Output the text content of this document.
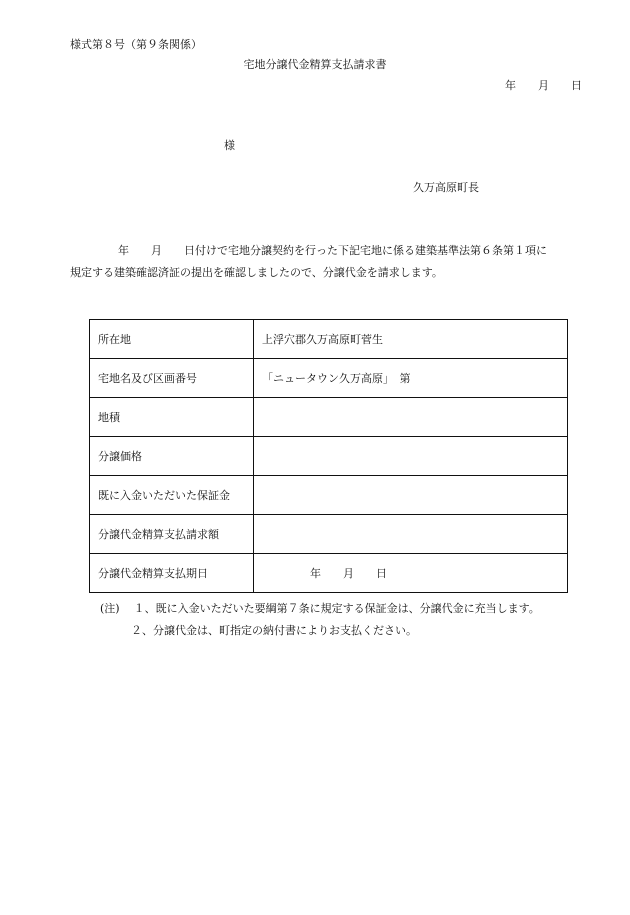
様式第８号（第９条関係）
宅地分譲代金精算支払請求書
年 月 日
様
久万高原町長
年 月 日付けで宅地分譲契約を行った下記宅地に係る建築基準法第６条第１項に
規定する建築確認済証の提出を確認しましたので、分譲代金を請求します。
所在地	上浮穴郡久万高原町菅生
宅地名及び区画番号	「ニュータウン久万高原」　第
地積	
分譲価格	
既に入金いただいた保証金	
分譲代金精算支払請求額	
分譲代金精算支払期日	年　　月　　日
(注) １、既に入金いただいた要綱第７条に規定する保証金は、分譲代金に充当します。
２、分譲代金は、町指定の納付書によりお支払ください。
